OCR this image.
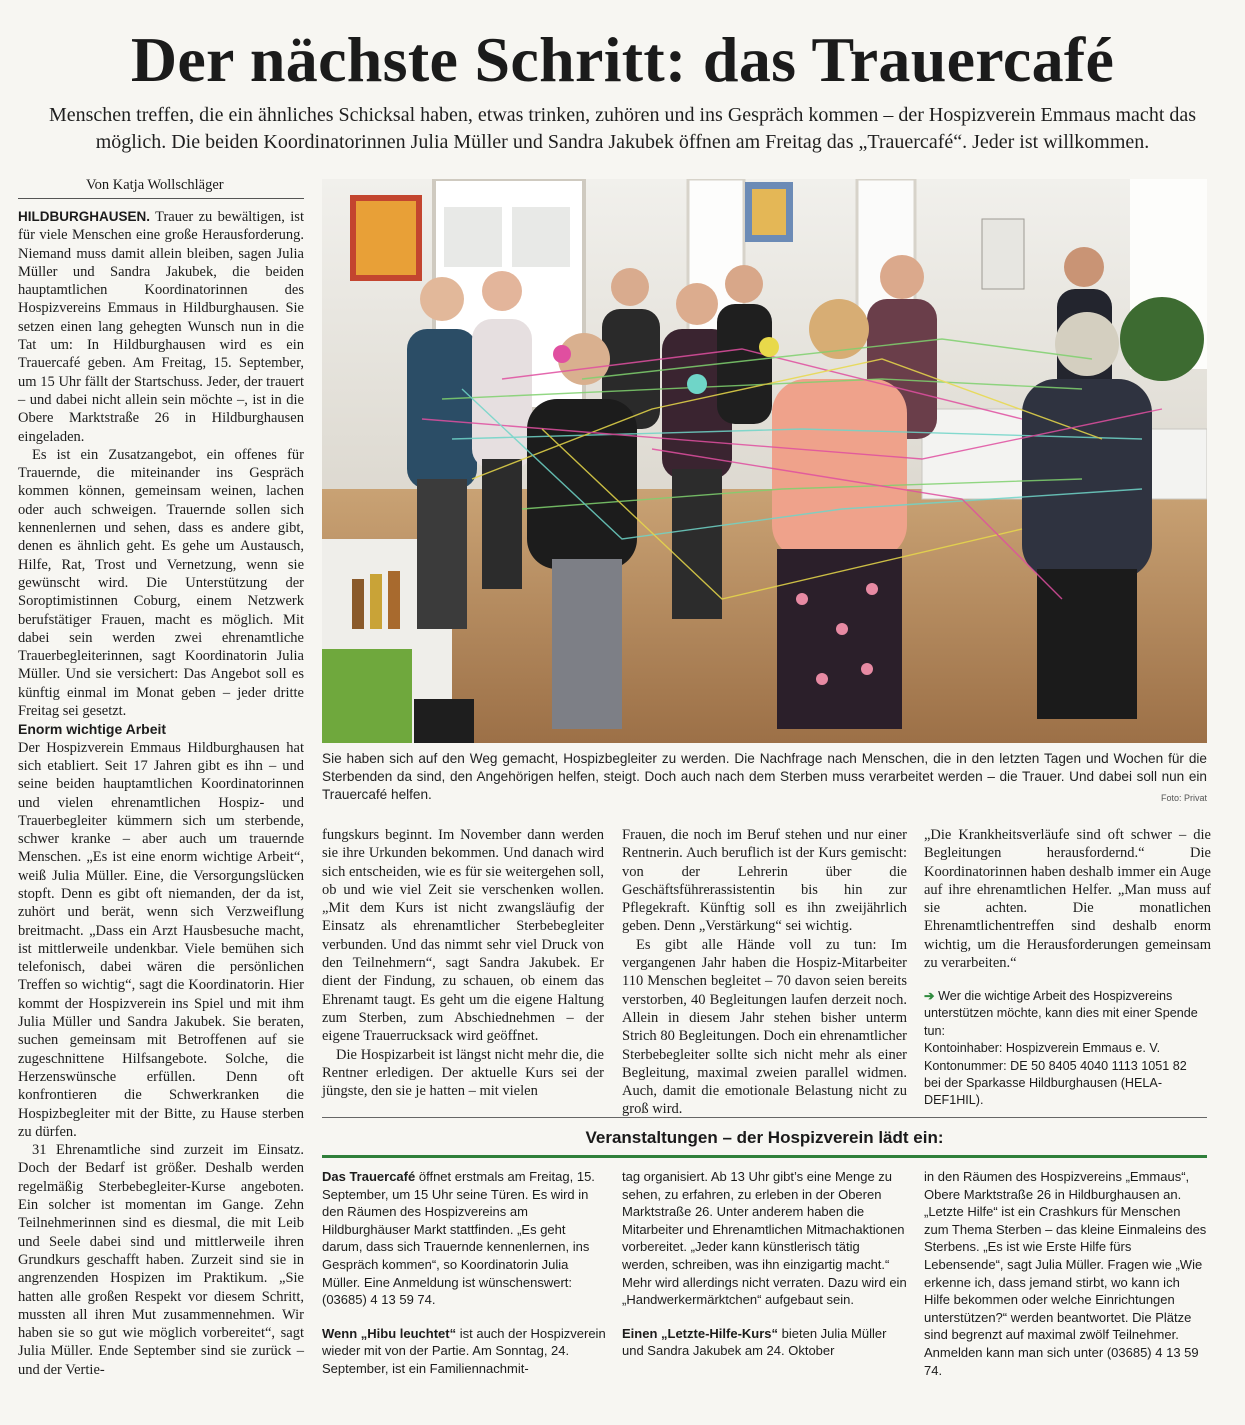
Der nächste Schritt: das Trauercafé
Menschen treffen, die ein ähnliches Schicksal haben, etwas trinken, zuhören und ins Gespräch kommen – der Hospizverein Emmaus macht das möglich. Die beiden Koordinatorinnen Julia Müller und Sandra Jakubek öffnen am Freitag das „Trauercafé“. Jeder ist willkommen.
Von Katja Wollschläger

HILDBURGHAUSEN. Trauer zu bewältigen, ist für viele Menschen eine große Herausforderung. Niemand muss damit allein bleiben, sagen Julia Müller und Sandra Jakubek, die beiden hauptamtlichen Koordinatorinnen des Hospizvereins Emmaus in Hildburghausen. Sie setzen einen lang gehegten Wunsch nun in die Tat um: In Hildburghausen wird es ein Trauercafé geben. Am Freitag, 15. September, um 15 Uhr fällt der Startschuss. Jeder, der trauert – und dabei nicht allein sein möchte –, ist in die Obere Marktstraße 26 in Hildburghausen eingeladen.

Es ist ein Zusatzangebot, ein offenes für Trauernde, die miteinander ins Gespräch kommen können, gemeinsam weinen, lachen oder auch schweigen. Trauernde sollen sich kennenlernen und sehen, dass es andere gibt, denen es ähnlich geht. Es gehe um Austausch, Hilfe, Rat, Trost und Vernetzung, wenn sie gewünscht wird. Die Unterstützung der Soroptimistinnen Coburg, einem Netzwerk berufstätiger Frauen, macht es möglich. Mit dabei sein werden zwei ehrenamtliche Trauerbegleiterinnen, sagt Koordinatorin Julia Müller. Und sie versichert: Das Angebot soll es künftig einmal im Monat geben – jeder dritte Freitag sei gesetzt.

Enorm wichtige Arbeit

Der Hospizverein Emmaus Hildburghausen hat sich etabliert. Seit 17 Jahren gibt es ihn – und seine beiden hauptamtlichen Koordinatorinnen und vielen ehrenamtlichen Hospiz- und Trauerbegleiter kümmern sich um sterbende, schwer kranke – aber auch um trauernde Menschen. „Es ist eine enorm wichtige Arbeit“, weiß Julia Müller. Eine, die Versorgungslücken stopft. Denn es gibt oft niemanden, der da ist, zuhört und berät, wenn sich Verzweiflung breitmacht. „Dass ein Arzt Hausbesuche macht, ist mittlerweile undenkbar. Viele bemühen sich telefonisch, dabei wären die persönlichen Treffen so wichtig“, sagt die Koordinatorin. Hier kommt der Hospizverein ins Spiel und mit ihm Julia Müller und Sandra Jakubek. Sie beraten, suchen gemeinsam mit Betroffenen auf sie zugeschnittene Hilfsangebote. Solche, die Herzenswünsche erfüllen. Denn oft konfrontieren die Schwerkranken die Hospizbegleiter mit der Bitte, zu Hause sterben zu dürfen.

31 Ehrenamtliche sind zurzeit im Einsatz. Doch der Bedarf ist größer. Deshalb werden regelmäßig Sterbebegleiter-Kurse angeboten. Ein solcher ist momentan im Gange. Zehn Teilnehmerinnen sind es diesmal, die mit Leib und Seele dabei sind und mittlerweile ihren Grundkurs geschafft haben. Zurzeit sind sie in angrenzenden Hospizen im Praktikum. „Sie hatten alle großen Respekt vor diesem Schritt, mussten all ihren Mut zusammennehmen. Wir haben sie so gut wie möglich vorbereitet“, sagt Julia Müller. Ende September sind sie zurück – und der Vertie-

Sie haben sich auf den Weg gemacht, Hospizbegleiter zu werden. Die Nachfrage nach Menschen, die in den letzten Tagen und Wochen für die Sterbenden da sind, den Angehörigen helfen, steigt. Doch auch nach dem Sterben muss verarbeitet werden – die Trauer. Und dabei soll nun ein Trauercafé helfen.	Foto: Privat

fungskurs beginnt. Im November dann werden sie ihre Urkunden bekommen. Und danach wird sich entscheiden, wie es für sie weitergehen soll, ob und wie viel Zeit sie verschenken wollen. „Mit dem Kurs ist nicht zwangsläufig der Einsatz als ehrenamtlicher Sterbebegleiter verbunden. Und das nimmt sehr viel Druck von den Teilnehmern“, sagt Sandra Jakubek. Er dient der Findung, zu schauen, ob einem das Ehrenamt taugt. Es geht um die eigene Haltung zum Sterben, zum Abschiednehmen – der eigene Trauerrucksack wird geöffnet.

Die Hospizarbeit ist längst nicht mehr die, die Rentner erledigen. Der aktuelle Kurs sei der jüngste, den sie je hatten – mit vielen

Frauen, die noch im Beruf stehen und nur einer Rentnerin. Auch beruflich ist der Kurs gemischt: von der Lehrerin über die Geschäftsführerassistentin bis hin zur Pflegekraft. Künftig soll es ihn zweijährlich geben. Denn „Verstärkung“ sei wichtig.

Es gibt alle Hände voll zu tun: Im vergangenen Jahr haben die Hospiz-Mitarbeiter 110 Menschen begleitet – 70 davon seien bereits verstorben, 40 Begleitungen laufen derzeit noch. Allein in diesem Jahr stehen bisher unterm Strich 80 Begleitungen. Doch ein ehrenamtlicher Sterbebegleiter sollte sich nicht mehr als einer Begleitung, maximal zweien parallel widmen. Auch, damit die emotionale Belastung nicht zu groß wird.

„Die Krankheitsverläufe sind oft schwer – die Begleitungen herausfordernd.“ Die Koordinatorinnen haben deshalb immer ein Auge auf ihre ehrenamtlichen Helfer. „Man muss auf sie achten. Die monatlichen Ehrenamtlichentreffen sind deshalb enorm wichtig, um die Herausforderungen gemeinsam zu verarbeiten.“

➔ Wer die wichtige Arbeit des Hospizvereins unterstützen möchte, kann dies mit einer Spende tun:
Kontoinhaber: Hospizverein Emmaus e. V.
Kontonummer: DE 50 8405 4040 1113 1051 82
bei der Sparkasse Hildburghausen (HELA-DEF1HIL).
Veranstaltungen – der Hospizverein lädt ein:

Das Trauercafé öffnet erstmals am Freitag, 15. September, um 15 Uhr seine Türen. Es wird in den Räumen des Hospizvereins am Hildburghäuser Markt stattfinden. „Es geht darum, dass sich Trauernde kennenlernen, ins Gespräch kommen“, so Koordinatorin Julia Müller. Eine Anmeldung ist wünschenswert: (03685) 4 13 59 74.

Wenn „Hibu leuchtet“ ist auch der Hospizverein wieder mit von der Partie. Am Sonntag, 24. September, ist ein Familiennachmit-

tag organisiert. Ab 13 Uhr gibt’s eine Menge zu sehen, zu erfahren, zu erleben in der Oberen Marktstraße 26. Unter anderem haben die Mitarbeiter und Ehrenamtlichen Mitmachaktionen vorbereitet. „Jeder kann künstlerisch tätig werden, schreiben, was ihn einzigartig macht.“ Mehr wird allerdings nicht verraten. Dazu wird ein „Handwerkermärktchen“ aufgebaut sein.

Einen „Letzte-Hilfe-Kurs“ bieten Julia Müller und Sandra Jakubek am 24. Oktober

in den Räumen des Hospizvereins „Emmaus“, Obere Marktstraße 26 in Hildburghausen an. „Letzte Hilfe“ ist ein Crashkurs für Menschen zum Thema Sterben – das kleine Einmaleins des Sterbens. „Es ist wie Erste Hilfe fürs Lebensende“, sagt Julia Müller. Fragen wie „Wie erkenne ich, dass jemand stirbt, wo kann ich Hilfe bekommen oder welche Einrichtungen unterstützen?“ werden beantwortet. Die Plätze sind begrenzt auf maximal zwölf Teilnehmer. Anmelden kann man sich unter (03685) 4 13 59 74.
